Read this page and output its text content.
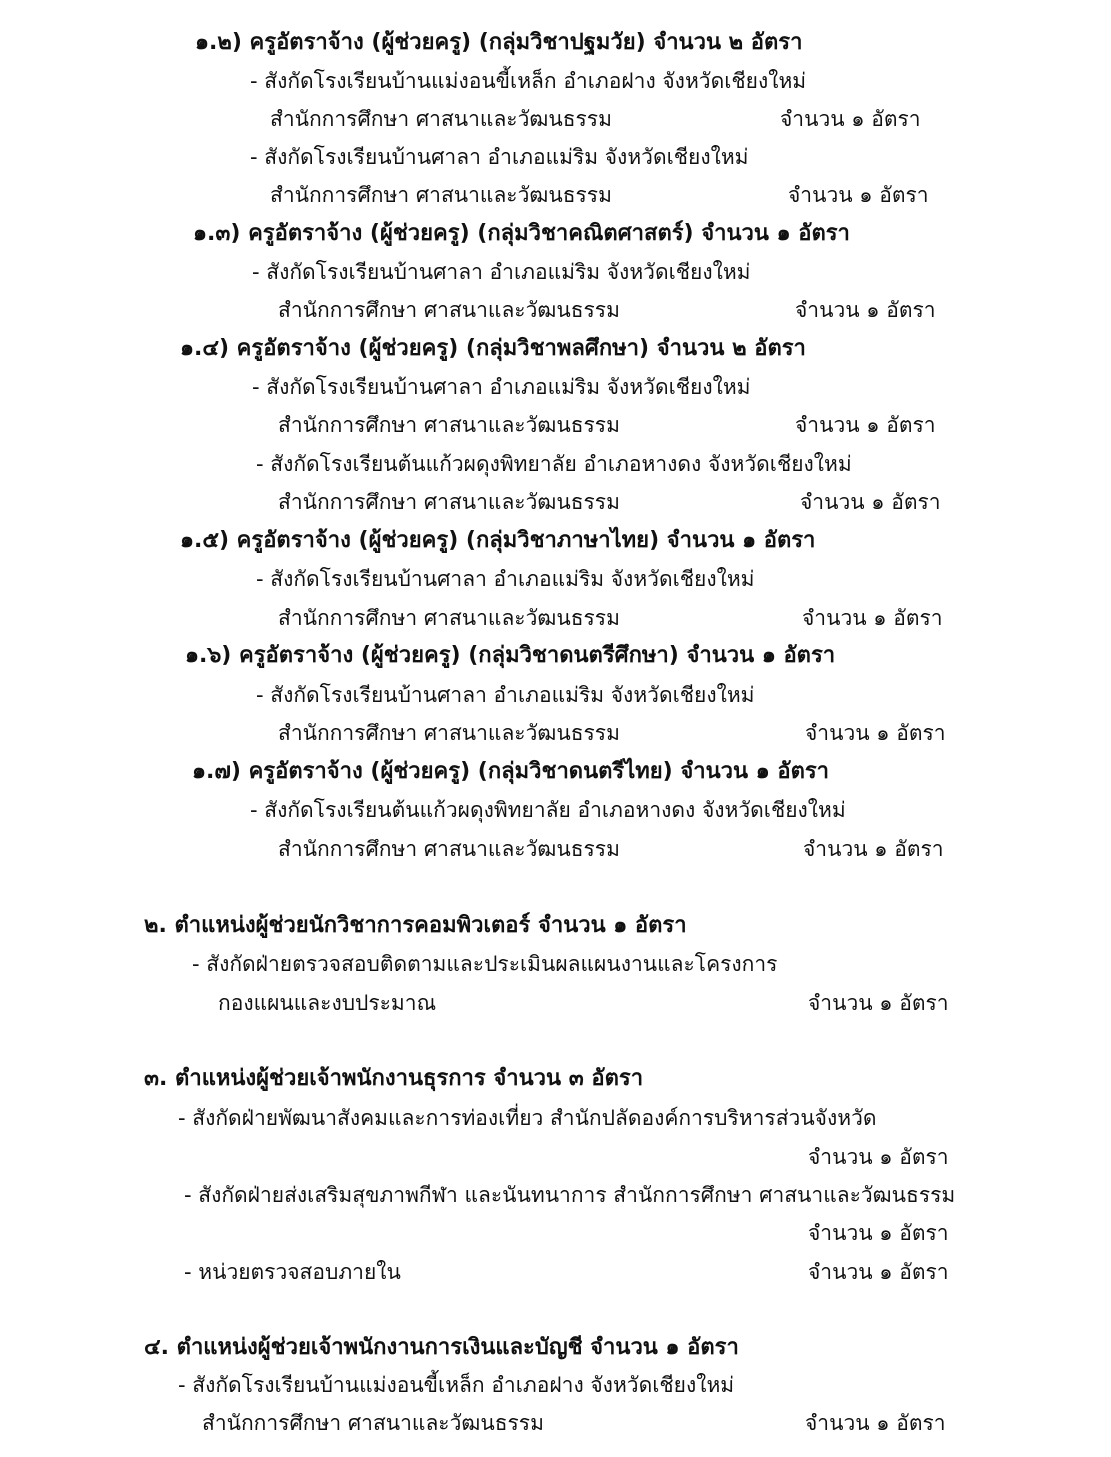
๑.๒) ครูอัตราจ้าง (ผู้ช่วยครู) (กลุ่มวิชาปฐมวัย) จำนวน ๒ อัตรา
- สังกัดโรงเรียนบ้านแม่งอนขี้เหล็ก อำเภอฝาง จังหวัดเชียงใหม่
สำนักการศึกษา ศาสนาและวัฒนธรรม	จำนวน ๑ อัตรา
- สังกัดโรงเรียนบ้านศาลา อำเภอแม่ริม จังหวัดเชียงใหม่
สำนักการศึกษา ศาสนาและวัฒนธรรม	จำนวน ๑ อัตรา
๑.๓) ครูอัตราจ้าง (ผู้ช่วยครู) (กลุ่มวิชาคณิตศาสตร์) จำนวน ๑ อัตรา
- สังกัดโรงเรียนบ้านศาลา อำเภอแม่ริม จังหวัดเชียงใหม่
สำนักการศึกษา ศาสนาและวัฒนธรรม	จำนวน ๑ อัตรา
๑.๔) ครูอัตราจ้าง (ผู้ช่วยครู) (กลุ่มวิชาพลศึกษา) จำนวน ๒ อัตรา
- สังกัดโรงเรียนบ้านศาลา อำเภอแม่ริม จังหวัดเชียงใหม่
สำนักการศึกษา ศาสนาและวัฒนธรรม	จำนวน ๑ อัตรา
- สังกัดโรงเรียนต้นแก้วผดุงพิทยาลัย อำเภอหางดง จังหวัดเชียงใหม่
สำนักการศึกษา ศาสนาและวัฒนธรรม	จำนวน ๑ อัตรา
๑.๕) ครูอัตราจ้าง (ผู้ช่วยครู) (กลุ่มวิชาภาษาไทย) จำนวน ๑ อัตรา
- สังกัดโรงเรียนบ้านศาลา อำเภอแม่ริม จังหวัดเชียงใหม่
สำนักการศึกษา ศาสนาและวัฒนธรรม	จำนวน ๑ อัตรา
๑.๖) ครูอัตราจ้าง (ผู้ช่วยครู) (กลุ่มวิชาดนตรีศึกษา) จำนวน ๑ อัตรา
- สังกัดโรงเรียนบ้านศาลา อำเภอแม่ริม จังหวัดเชียงใหม่
สำนักการศึกษา ศาสนาและวัฒนธรรม	จำนวน ๑ อัตรา
๑.๗) ครูอัตราจ้าง (ผู้ช่วยครู) (กลุ่มวิชาดนตรีไทย) จำนวน ๑ อัตรา
- สังกัดโรงเรียนต้นแก้วผดุงพิทยาลัย อำเภอหางดง จังหวัดเชียงใหม่
สำนักการศึกษา ศาสนาและวัฒนธรรม	จำนวน ๑ อัตรา
๒. ตำแหน่งผู้ช่วยนักวิชาการคอมพิวเตอร์ จำนวน ๑ อัตรา
- สังกัดฝ่ายตรวจสอบติดตามและประเมินผลแผนงานและโครงการ
กองแผนและงบประมาณ	จำนวน ๑ อัตรา
๓. ตำแหน่งผู้ช่วยเจ้าพนักงานธุรการ จำนวน ๓ อัตรา
- สังกัดฝ่ายพัฒนาสังคมและการท่องเที่ยว สำนักปลัดองค์การบริหารส่วนจังหวัด
จำนวน ๑ อัตรา
- สังกัดฝ่ายส่งเสริมสุขภาพกีฬา และนันทนาการ สำนักการศึกษา ศาสนาและวัฒนธรรม
จำนวน ๑ อัตรา
- หน่วยตรวจสอบภายใน	จำนวน ๑ อัตรา
๔. ตำแหน่งผู้ช่วยเจ้าพนักงานการเงินและบัญชี จำนวน ๑ อัตรา
- สังกัดโรงเรียนบ้านแม่งอนขี้เหล็ก อำเภอฝาง จังหวัดเชียงใหม่
สำนักการศึกษา ศาสนาและวัฒนธรรม	จำนวน ๑ อัตรา
